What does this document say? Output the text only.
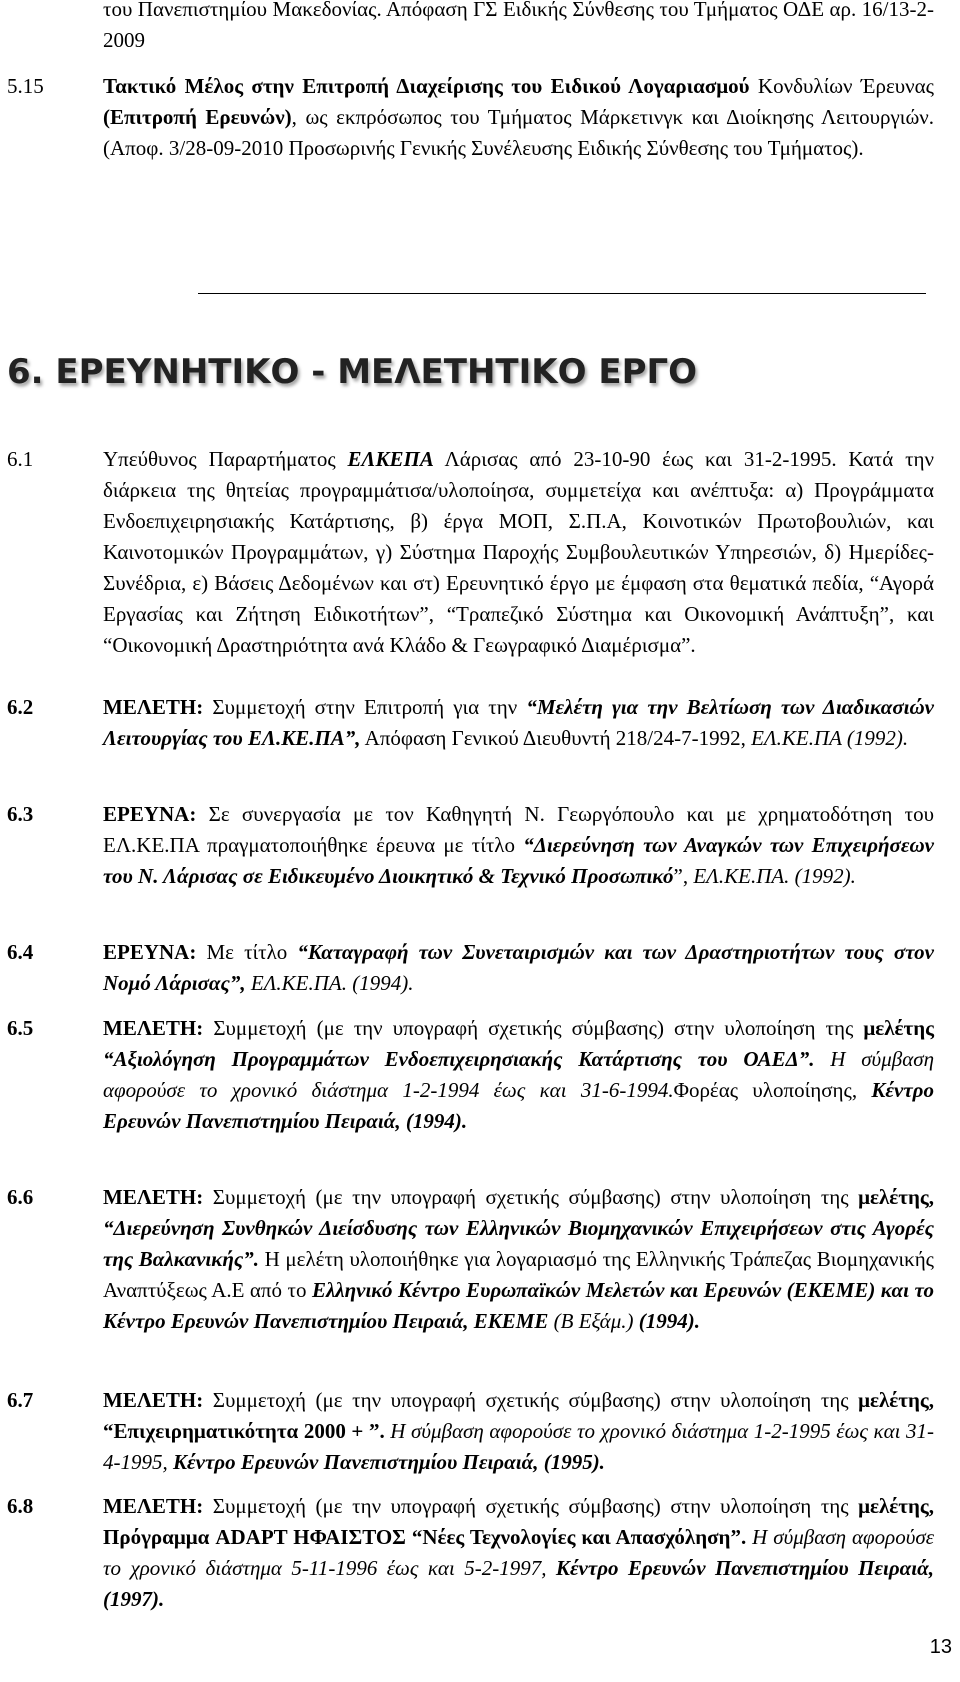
του Πανεπιστημίου Μακεδονίας. Απόφαση ΓΣ Ειδικής Σύνθεσης του Τμήματος ΟΔΕ αρ. 16/13-2-2009

5.15	Τακτικό Μέλος στην Επιτροπή Διαχείρισης του Ειδικού Λογαριασμού Κονδυλίων Έρευνας (Επιτροπή Ερευνών), ως εκπρόσωπος του Τμήματος Μάρκετινγκ και Διοίκησης Λειτουργιών. (Αποφ. 3/28-09-2010 Προσωρινής Γενικής Συνέλευσης Ειδικής Σύνθεσης του Τμήματος).
6. ΕΡΕΥΝΗΤΙΚΟ - ΜΕΛΕΤΗΤΙΚΟ ΕΡΓΟ
6.1	Υπεύθυνος Παραρτήματος ΕΛΚΕΠΑ Λάρισας από 23-10-90 έως και 31-2-1995. Κατά την διάρκεια της θητείας προγραμμάτισα/υλοποίησα, συμμετείχα και ανέπτυξα: α) Προγράμματα Ενδοεπιχειρησιακής Κατάρτισης, β) έργα ΜΟΠ, Σ.Π.Α, Κοινοτικών Πρωτοβουλιών, και Καινοτομικών Προγραμμάτων, γ) Σύστημα Παροχής Συμβουλευτικών Υπηρεσιών, δ) Ημερίδες-Συνέδρια, ε) Βάσεις Δεδομένων και στ) Ερευνητικό έργο με έμφαση στα θεματικά πεδία, “Αγορά Εργασίας και Ζήτηση Ειδικοτήτων”, “Τραπεζικό Σύστημα και Οικονομική Ανάπτυξη”, και “Οικονομική Δραστηριότητα ανά Κλάδο & Γεωγραφικό Διαμέρισμα”.
6.2	ΜΕΛΕΤΗ: Συμμετοχή στην Επιτροπή για την “Μελέτη για την Βελτίωση των Διαδικασιών Λειτουργίας του ΕΛ.ΚΕ.ΠΑ”, Απόφαση Γενικού Διευθυντή 218/24-7-1992, ΕΛ.ΚΕ.ΠΑ (1992).
6.3	ΕΡΕΥΝΑ: Σε συνεργασία με τον Καθηγητή Ν. Γεωργόπουλο και με χρηματοδότηση του ΕΛ.ΚΕ.ΠΑ πραγματοποιήθηκε έρευνα με τίτλο “Διερεύνηση των Αναγκών των Επιχειρήσεων του Ν. Λάρισας σε Ειδικευμένο Διοικητικό & Τεχνικό Προσωπικό”, ΕΛ.ΚΕ.ΠΑ. (1992).
6.4	ΕΡΕΥΝΑ: Με τίτλο “Καταγραφή των Συνεταιρισμών και των Δραστηριοτήτων τους στον Νομό Λάρισας”, ΕΛ.ΚΕ.ΠΑ. (1994).
6.5	ΜΕΛΕΤΗ: Συμμετοχή (με την υπογραφή σχετικής σύμβασης) στην υλοποίηση της μελέτης “Αξιολόγηση Προγραμμάτων Ενδοεπιχειρησιακής Κατάρτισης του ΟΑΕΔ”. Η σύμβαση αφορούσε το χρονικό διάστημα 1-2-1994 έως και 31-6-1994.Φορέας υλοποίησης, Κέντρο Ερευνών Πανεπιστημίου Πειραιά, (1994).
6.6	ΜΕΛΕΤΗ: Συμμετοχή (με την υπογραφή σχετικής σύμβασης) στην υλοποίηση της μελέτης, “Διερεύνηση Συνθηκών Διείσδυσης των Ελληνικών Βιομηχανικών Επιχειρήσεων στις Αγορές της Βαλκανικής”. Η μελέτη υλοποιήθηκε για λογαριασμό της Ελληνικής Τράπεζας Βιομηχανικής Αναπτύξεως Α.Ε από το Ελληνικό Κέντρο Ευρωπαϊκών Μελετών και Ερευνών (ΕΚΕΜΕ) και το Κέντρο Ερευνών Πανεπιστημίου Πειραιά, ΕΚΕΜΕ (Β Εξάμ.) (1994).
6.7	ΜΕΛΕΤΗ: Συμμετοχή (με την υπογραφή σχετικής σύμβασης) στην υλοποίηση της μελέτης, “Επιχειρηματικότητα 2000 + ”. Η σύμβαση αφορούσε το χρονικό διάστημα 1-2-1995 έως και 31-4-1995, Κέντρο Ερευνών Πανεπιστημίου Πειραιά, (1995).
6.8	ΜΕΛΕΤΗ: Συμμετοχή (με την υπογραφή σχετικής σύμβασης) στην υλοποίηση της μελέτης, Πρόγραμμα ADAPT ΗΦΑΙΣΤΟΣ “Νέες Τεχνολογίες και Απασχόληση”. Η σύμβαση αφορούσε το χρονικό διάστημα 5-11-1996 έως και 5-2-1997, Κέντρο Ερευνών Πανεπιστημίου Πειραιά, (1997).
13
